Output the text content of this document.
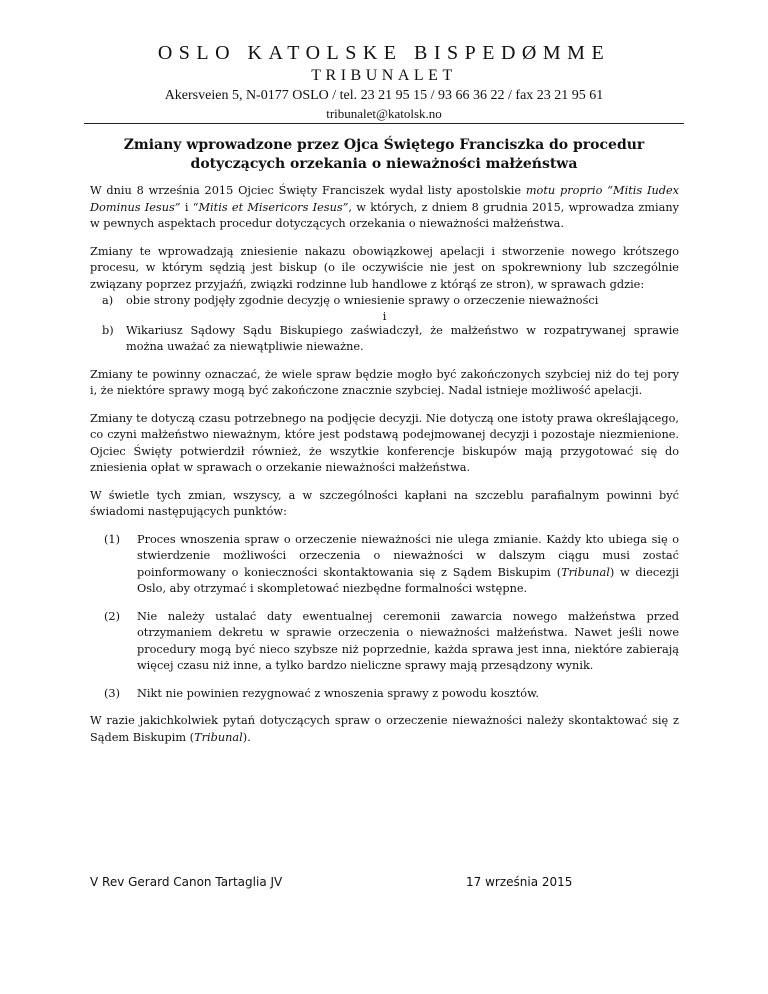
OSLO KATOLSKE BISPEDØMME
TRIBUNALET
Akersveien 5, N-0177 OSLO / tel. 23 21 95 15 / 93 66 36 22 / fax 23 21 95 61
tribunalet@katolsk.no
Zmiany wprowadzone przez Ojca Świętego Franciszka do procedur dotyczących orzekania o nieważności małżeństwa

W dniu 8 września 2015 Ojciec Święty Franciszek wydał listy apostolskie motu proprio “Mitis Iudex Dominus Iesus” i “Mitis et Misericors Iesus”, w których, z dniem 8 grudnia 2015, wprowadza zmiany w pewnych aspektach procedur dotyczących orzekania o nieważności małżeństwa.

Zmiany te wprowadzają zniesienie nakazu obowiązkowej apelacji i stworzenie nowego krótszego procesu, w którym sędzią jest biskup (o ile oczywiście nie jest on spokrewniony lub szczególnie związany poprzez przyjaźń, związki rodzinne lub handlowe z którąś ze stron), w sprawach gdzie:

a)	obie strony podjęły zgodnie decyzję o wniesienie sprawy o orzeczenie nieważności
i
b)	Wikariusz Sądowy Sądu Biskupiego zaświadczył, że małżeństwo w rozpatrywanej sprawie można uważać za niewątpliwie nieważne.

Zmiany te powinny oznaczać, że wiele spraw będzie mogło być zakończonych szybciej niż do tej pory i, że niektóre sprawy mogą być zakończone znacznie szybciej. Nadal istnieje możliwość apelacji.

Zmiany te dotyczą czasu potrzebnego na podjęcie decyzji. Nie dotyczą one istoty prawa określającego, co czyni małżeństwo nieważnym, które jest podstawą podejmowanej decyzji i pozostaje niezmienione. Ojciec Święty potwierdził również, że wszytkie konferencje biskupów mają przygotować się do zniesienia opłat w sprawach o orzekanie nieważności małżeństwa.

W świetle tych zmian, wszyscy, a w szczególności kapłani na szczeblu parafialnym powinni być świadomi następujących punktów:

(1)	Proces wnoszenia spraw o orzeczenie nieważności nie ulega zmianie. Każdy kto ubiega się o stwierdzenie możliwości orzeczenia o nieważności w dalszym ciągu musi zostać poinformowany o konieczności skontaktowania się z Sądem Biskupim (Tribunal) w diecezji Oslo, aby otrzymać i skompletować niezbędne formalności wstępne.
(2)	Nie należy ustalać daty ewentualnej ceremonii zawarcia nowego małżeństwa przed otrzymaniem dekretu w sprawie orzeczenia o nieważności małżeństwa. Nawet jeśli nowe procedury mogą być nieco szybsze niż poprzednie, każda sprawa jest inna, niektóre zabierają więcej czasu niż inne, a tylko bardzo nieliczne sprawy mają przesądzony wynik.
(3)	Nikt nie powinien rezygnować z wnoszenia sprawy z powodu kosztów.

W razie jakichkolwiek pytań dotyczących spraw o orzeczenie nieważności należy skontaktować się z Sądem Biskupim (Tribunal).

V Rev Gerard Canon Tartaglia JV	17 września 2015
